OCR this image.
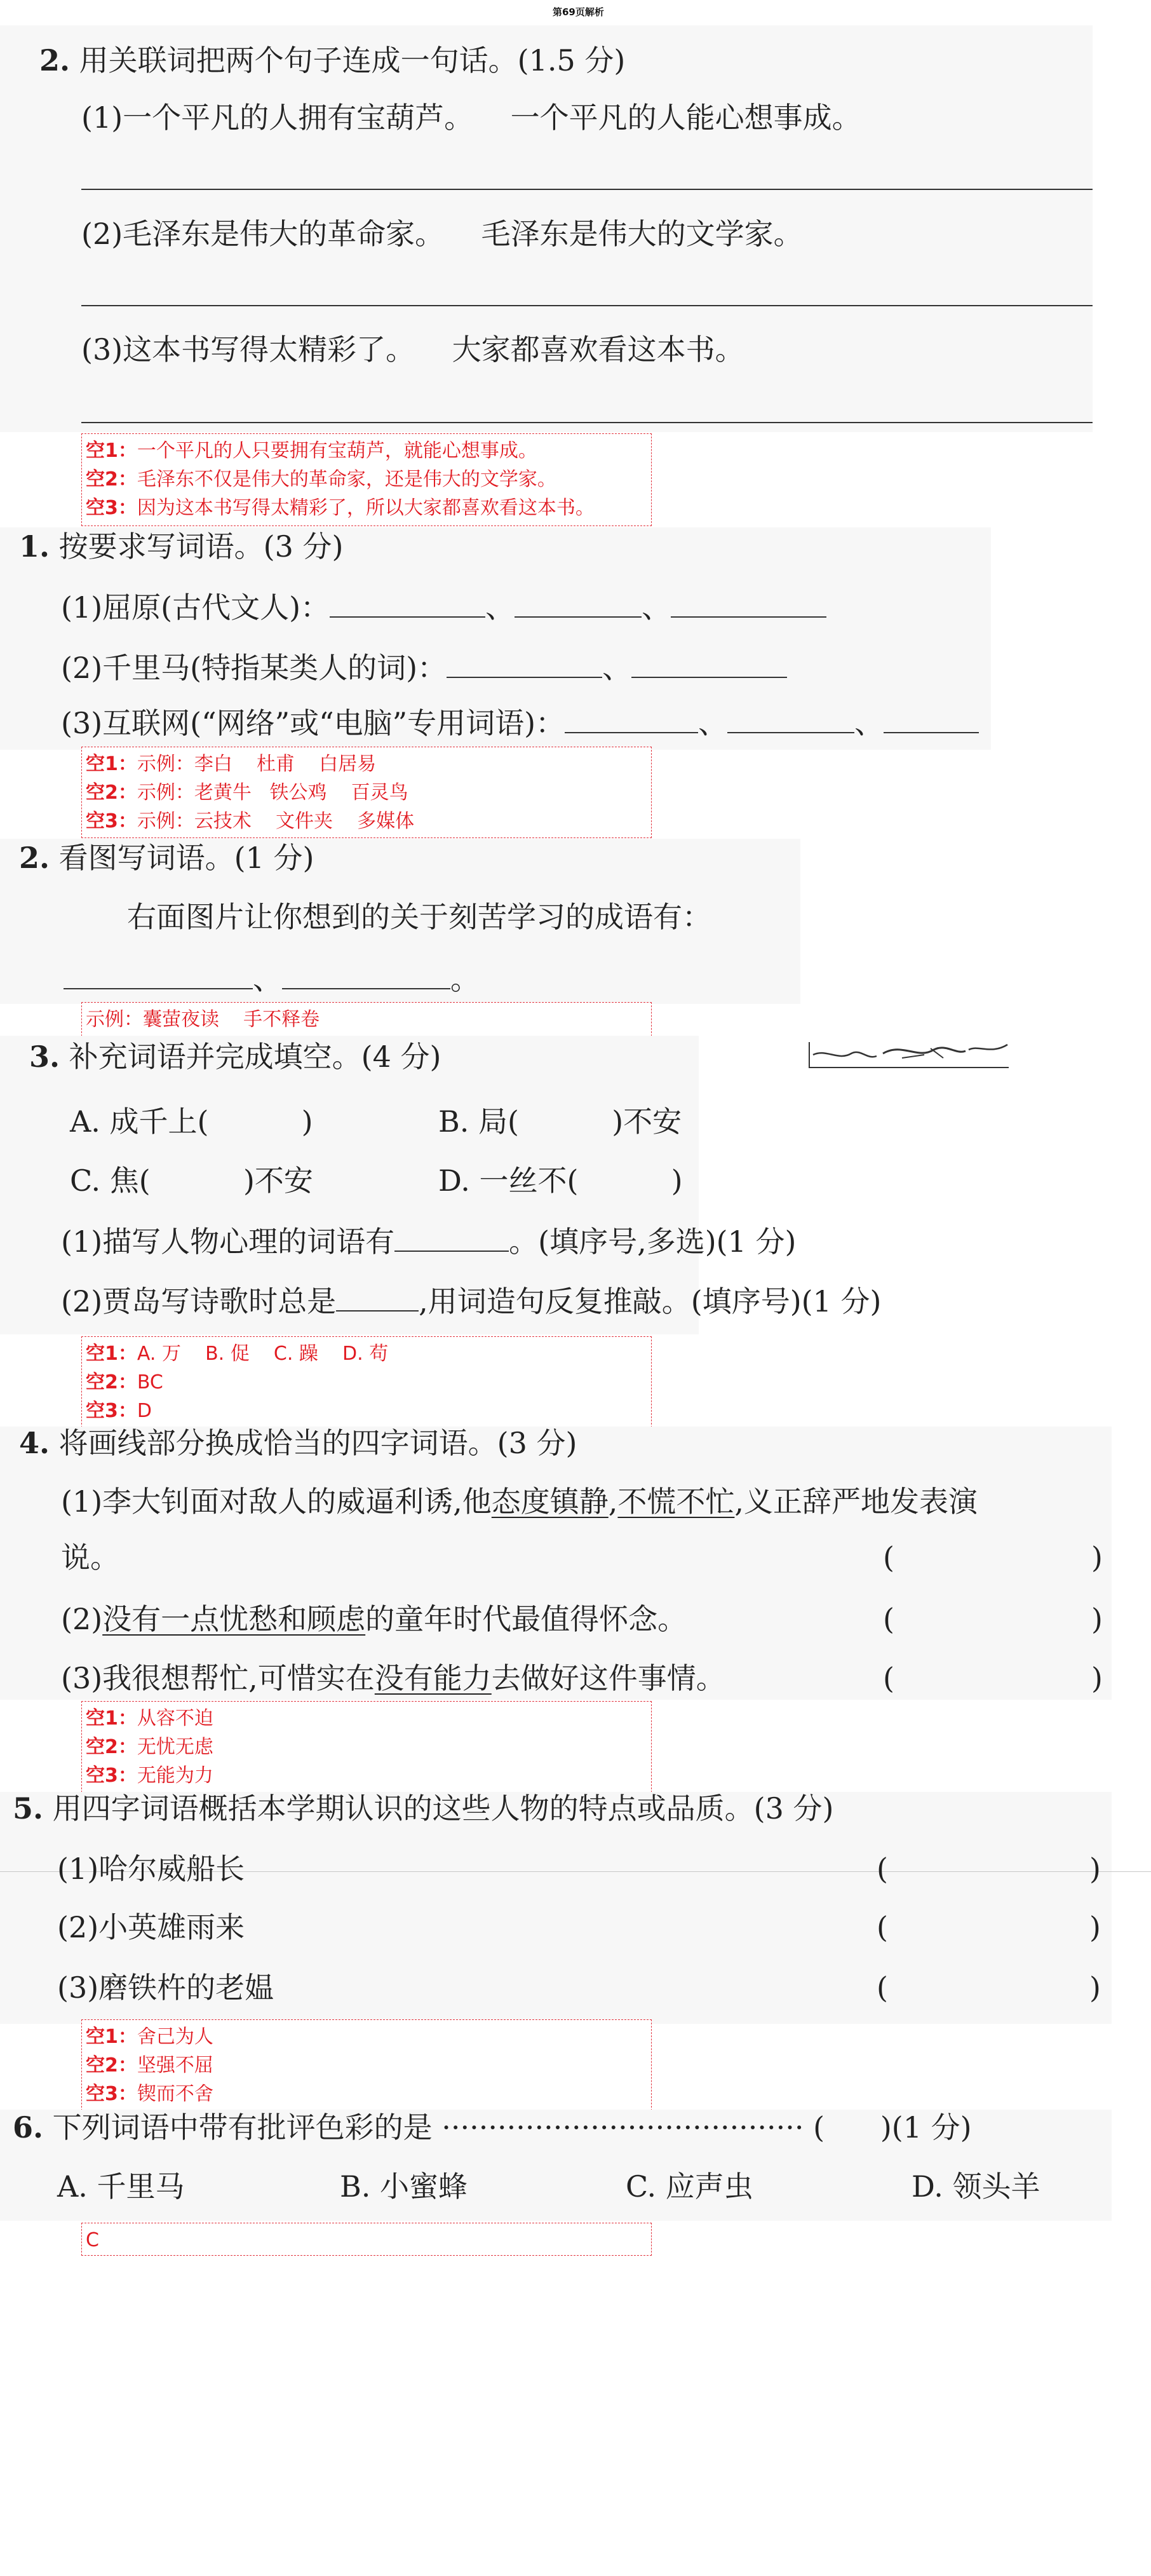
第69页解析
2. 用关联词把两个句子连成一句话。(1.5 分)
(1)一个平凡的人拥有宝葫芦。    一个平凡的人能心想事成。
(2)毛泽东是伟大的革命家。    毛泽东是伟大的文学家。
(3)这本书写得太精彩了。    大家都喜欢看这本书。
空1：一个平凡的人只要拥有宝葫芦，就能心想事成。
空2：毛泽东不仅是伟大的革命家，还是伟大的文学家。
空3：因为这本书写得太精彩了，所以大家都喜欢看这本书。
1. 按要求写词语。(3 分)
(1)屈原(古代文人)：	、	、
(2)千里马(特指某类人的词)：	、
(3)互联网(“网络”或“电脑”专用词语)：	、	、
空1：示例：李白    杜甫    白居易
空2：示例：老黄牛   铁公鸡    百灵鸟
空3：示例：云技术    文件夹    多媒体
2. 看图写词语。(1 分)
右面图片让你想到的关于刻苦学习的成语有：
、	。
示例：囊萤夜读    手不释卷
3. 补充词语并完成填空。(4 分)
A. 成千上(          )	B. 局(          )不安
C. 焦(          )不安	D. 一丝不(          )
(1)描写人物心理的词语有	。(填序号,多选)(1 分)
(2)贾岛写诗歌时总是	,用词造句反复推敲。(填序号)(1 分)
空1：A. 万    B. 促    C. 躁    D. 苟
空2：BC
空3：D
4. 将画线部分换成恰当的四字词语。(3 分)
(1)李大钊面对敌人的威逼利诱,他态度镇静,不慌不忙,义正辞严地发表演
说。	(	)
(2)没有一点忧愁和顾虑的童年时代最值得怀念。	(	)
(3)我很想帮忙,可惜实在没有能力去做好这件事情。	(	)
空1：从容不迫
空2：无忧无虑
空3：无能为力
5. 用四字词语概括本学期认识的这些人物的特点或品质。(3 分)
(1)哈尔威船长	(	)
(2)小英雄雨来	(	)
(3)磨铁杵的老媪	(	)
空1：舍己为人
空2：坚强不屈
空3：锲而不舍
6. 下列词语中带有批评色彩的是 ······································· (      )(1 分)
A. 千里马	B. 小蜜蜂	C. 应声虫	D. 领头羊
C
